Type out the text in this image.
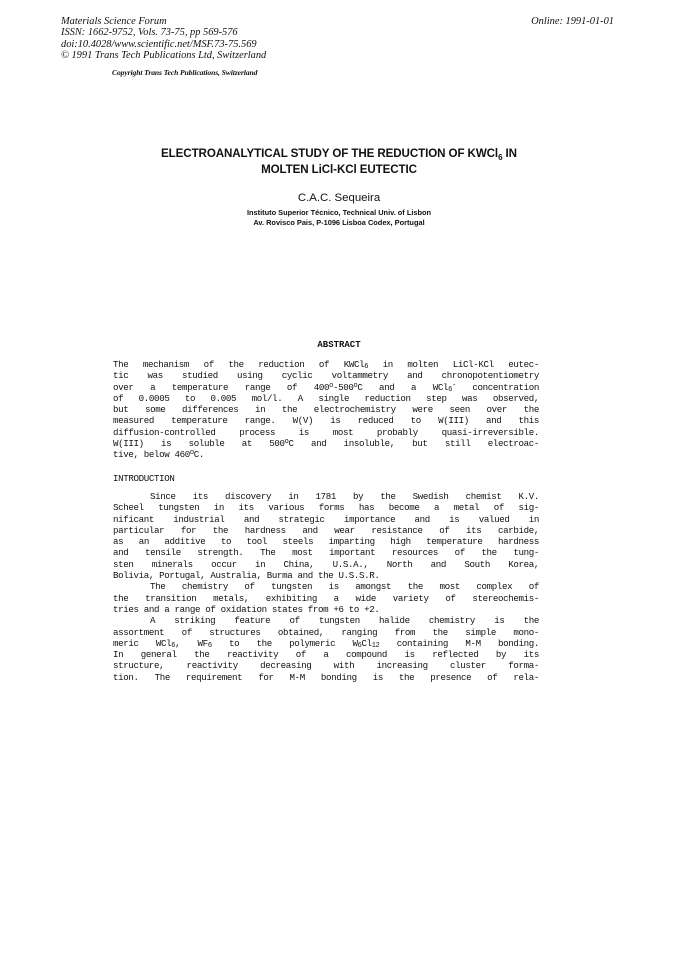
Materials Science Forum
ISSN: 1662-9752, Vols. 73-75, pp 569-576
doi:10.4028/www.scientific.net/MSF.73-75.569
© 1991 Trans Tech Publications Ltd, Switzerland
Online: 1991-01-01
Copyright Trans Tech Publications, Switzerland
ELECTROANALYTICAL STUDY OF THE REDUCTION OF KWCl$_6$ IN
MOLTEN LiCl-KCl EUTECTIC
C.A.C. Sequeira
Instituto Superior Técnico, Technical Univ. of Lisbon
Av. Rovisco Pais, P-1096 Lisboa Codex, Portugal
ABSTRACT
The mechanism of the reduction of KWCl$_6$ in molten LiCl-KCl eutec-
tic was studied using cyclic voltammetry and chronopotentiometry
over a temperature range of 400$^o$-500$^o$C and a WCl$_6$- concentration
of 0.0005 to 0.005 mol/l. A single reduction step was observed,
but some differences in the electrochemistry were seen over the
measured temperature range. W(V) is reduced to W(III) and this
diffusion-controlled process is most probably quasi-irreversible.
W(III) is soluble at 500$^o$C and insoluble, but still electroac-
tive, below 460$^o$C.
INTRODUCTION
Since its discovery in 1781 by the Swedish chemist K.V.
Scheel tungsten in its various forms has become a metal of sig-
nificant industrial and strategic importance and is valued in
particular for the hardness and wear resistance of its carbide,
as an additive to tool steels imparting high temperature hardness
and tensile strength. The most important resources of the tung-
sten minerals occur in China, U.S.A., North and South Korea,
Bolivia, Portugal, Australia, Burma and the U.S.S.R.
The chemistry of tungsten is amongst the most complex of
the transition metals, exhibiting a wide variety of stereochemis-
tries and a range of oxidation states from +6 to +2.
A striking feature of tungsten halide chemistry is the
assortment of structures obtained, ranging from the simple mono-
meric WCl$_6$, $WF_6$ to the polymeric $W_6Cl_{12}$ containing M-M bonding.
In general the reactivity of a compound is reflected by its
structure, reactivity decreasing with increasing cluster forma-
tion. The requirement for M-M bonding is the presence of rela-
